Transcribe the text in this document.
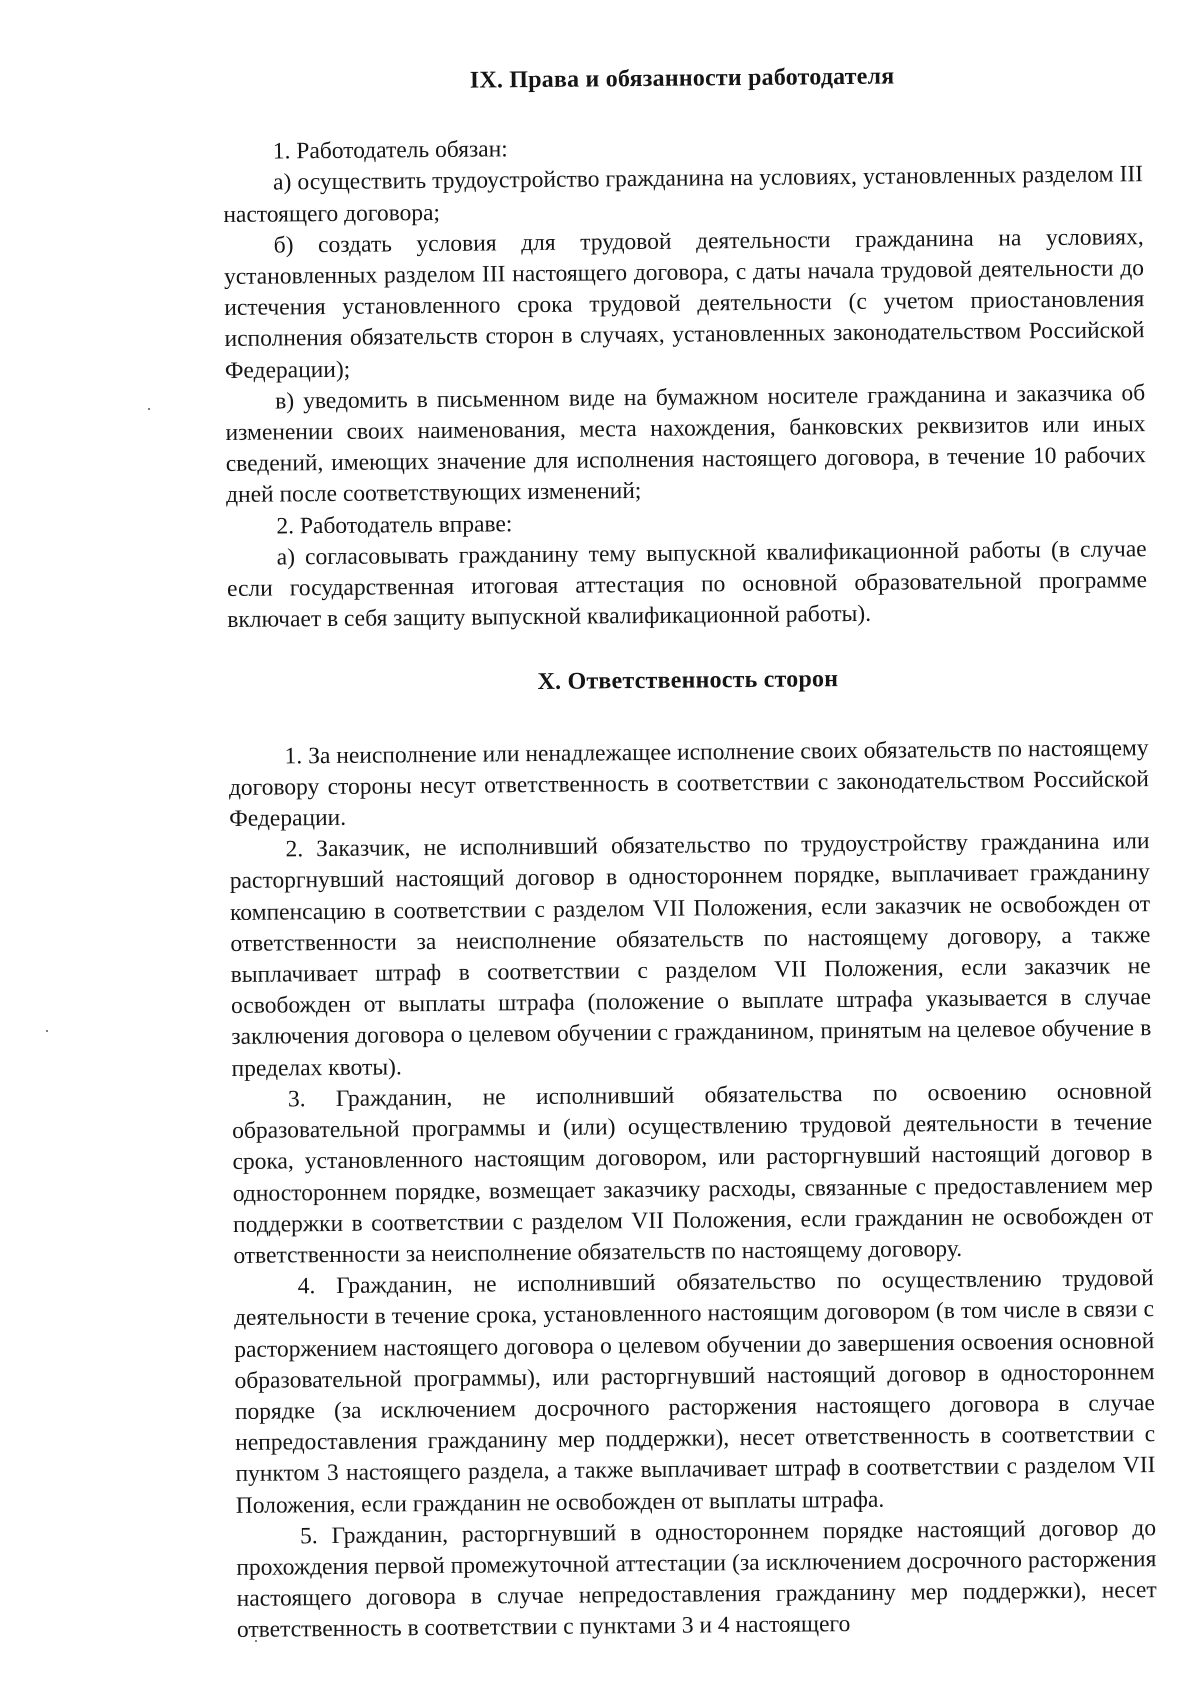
IX. Права и обязанности работодателя

1. Работодатель обязан:

а) осуществить трудоустройство гражданина на условиях, установленных разделом III настоящего договора;

б) создать условия для трудовой деятельности гражданина на условиях, установленных разделом III настоящего договора, с даты начала трудовой деятельности до истечения установленного срока трудовой деятельности (с учетом приостановления исполнения обязательств сторон в случаях, установленных законодательством Российской Федерации);

в) уведомить в письменном виде на бумажном носителе гражданина и заказчика об изменении своих наименования, места нахождения, банковских реквизитов или иных сведений, имеющих значение для исполнения настоящего договора, в течение 10 рабочих дней после соответствующих изменений;

2. Работодатель вправе:

а) согласовывать гражданину тему выпускной квалификационной работы (в случае если государственная итоговая аттестация по основной образовательной программе включает в себя защиту выпускной квалификационной работы).

X. Ответственность сторон

1. За неисполнение или ненадлежащее исполнение своих обязательств по настоящему договору стороны несут ответственность в соответствии с законодательством Российской Федерации.

2. Заказчик, не исполнивший обязательство по трудоустройству гражданина или расторгнувший настоящий договор в одностороннем порядке, выплачивает гражданину компенсацию в соответствии с разделом VII Положения, если заказчик не освобожден от ответственности за неисполнение обязательств по настоящему договору, а также выплачивает штраф в соответствии с разделом VII Положения, если заказчик не освобожден от выплаты штрафа (положение о выплате штрафа указывается в случае заключения договора о целевом обучении с гражданином, принятым на целевое обучение в пределах квоты).

3. Гражданин, не исполнивший обязательства по освоению основной образовательной программы и (или) осуществлению трудовой деятельности в течение срока, установленного настоящим договором, или расторгнувший настоящий договор в одностороннем порядке, возмещает заказчику расходы, связанные с предоставлением мер поддержки в соответствии с разделом VII Положения, если гражданин не освобожден от ответственности за неисполнение обязательств по настоящему договору.

4. Гражданин, не исполнивший обязательство по осуществлению трудовой деятельности в течение срока, установленного настоящим договором (в том числе в связи с расторжением настоящего договора о целевом обучении до завершения освоения основной образовательной программы), или расторгнувший настоящий договор в одностороннем порядке (за исключением досрочного расторжения настоящего договора в случае непредоставления гражданину мер поддержки), несет ответственность в соответствии с пунктом 3 настоящего раздела, а также выплачивает штраф в соответствии с разделом VII Положения, если гражданин не освобожден от выплаты штрафа.

5. Гражданин, расторгнувший в одностороннем порядке настоящий договор до прохождения первой промежуточной аттестации (за исключением досрочного расторжения настоящего договора в случае непредоставления гражданину мер поддержки), несет ответственность в соответствии с пунктами 3 и 4 настоящего
